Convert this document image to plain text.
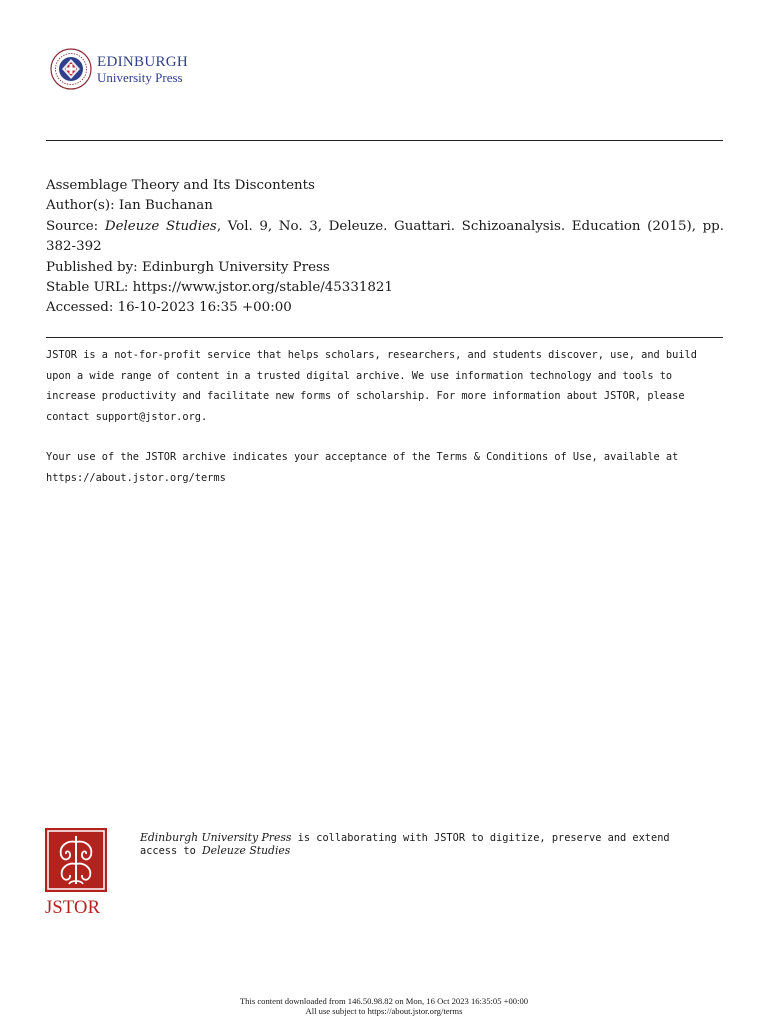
EDINBURGH
University Press
Assemblage Theory and Its Discontents
Author(s): Ian Buchanan
Source: Deleuze Studies, Vol. 9, No. 3, Deleuze. Guattari. Schizoanalysis. Education (2015), pp. 382-392
Published by: Edinburgh University Press
Stable URL: https://www.jstor.org/stable/45331821
Accessed: 16-10-2023 16:35 +00:00

JSTOR is a not-for-profit service that helps scholars, researchers, and students discover, use, and build upon a wide range of content in a trusted digital archive. We use information technology and tools to increase productivity and facilitate new forms of scholarship. For more information about JSTOR, please contact support@jstor.org.

Your use of the JSTOR archive indicates your acceptance of the Terms & Conditions of Use, available at https://about.jstor.org/terms

JSTOR
Edinburgh University Press is collaborating with JSTOR to digitize, preserve and extend access to Deleuze Studies
This content downloaded from 146.50.98.82 on Mon, 16 Oct 2023 16:35:05 +00:00
All use subject to https://about.jstor.org/terms
